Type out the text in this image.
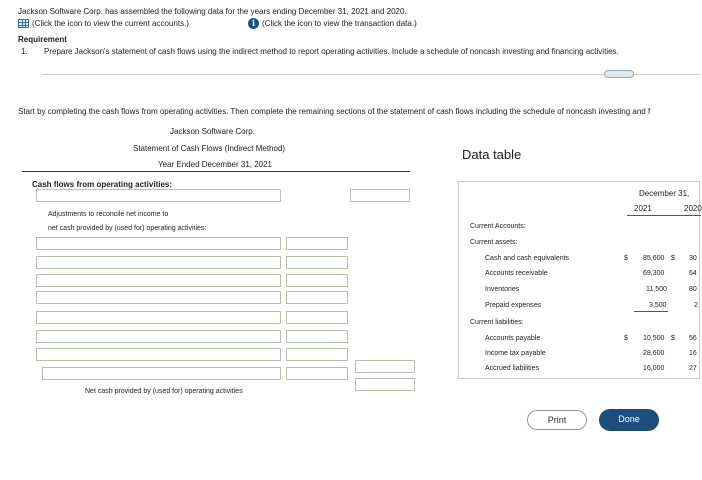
Jackson Software Corp. has assembled the following data for the years ending December 31, 2021 and 2020.
(Click the icon to view the current accounts.)	i (Click the icon to view the transaction data.)
Requirement
1. Prepare Jackson's statement of cash flows using the indirect method to report operating activities. Include a schedule of noncash investing and financing activities.
Start by completing the cash flows from operating activities. Then complete the remaining sections of the statement of cash flows including the schedule of noncash investing and f
Jackson Software Corp.
Statement of Cash Flows (Indirect Method)
Year Ended December 31, 2021
Cash flows from operating activities:
Adjustments to reconcile net income to
net cash provided by (used for) operating activities:
Net cash provided by (used for) operating activities
Data table
December 31,
2021	2020
Current Accounts:
Current assets:
Cash and cash equivalents	$ 85,600 $ 30
Accounts receivable	69,300	64
Inventories	11,500	80
Prepaid expenses	3,500	2
Current liabilities:
Accounts payable	$ 10,500 $ 56
Income tax payable	28,600	16
Accrued liabilities	16,000	27
Print	Done
